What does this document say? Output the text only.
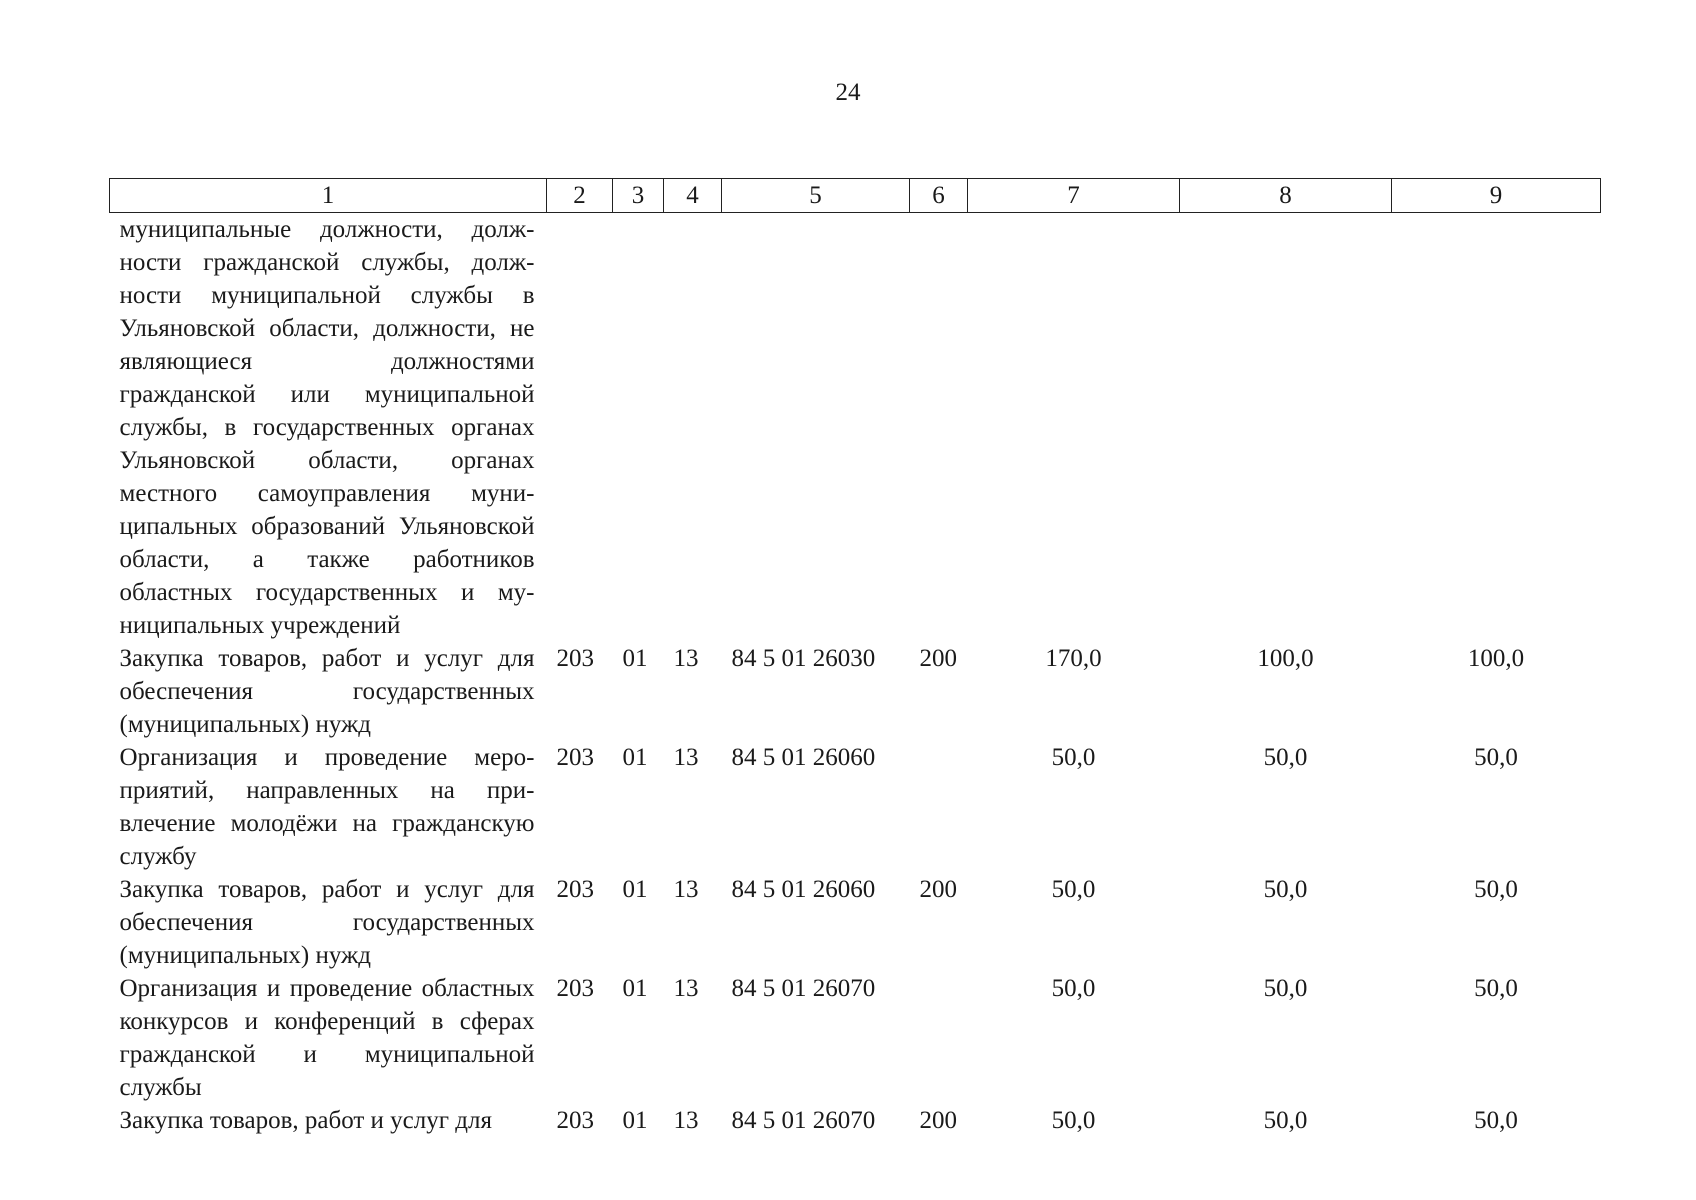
24
1	2	3	4	5	6	7	8	9
муниципальные должности, должности гражданской службы, должности муниципальной службы в Ульяновской области, должности, не являющиеся должностями гражданской или муниципальной службы, в государственных органах Ульяновской области, органах местного самоуправления муниципальных образований Ульяновской области, а также работников областных государственных и муниципальных учреждений								
Закупка товаров, работ и услуг для обеспечения государственных (муниципальных) нужд	203	01	13	84 5 01 26030	200	170,0	100,0	100,0
Организация и проведение мероприятий, направленных на привлечение молодёжи на гражданскую службу	203	01	13	84 5 01 26060		50,0	50,0	50,0
Закупка товаров, работ и услуг для обеспечения государственных (муниципальных) нужд	203	01	13	84 5 01 26060	200	50,0	50,0	50,0
Организация и проведение областных конкурсов и конференций в сферах гражданской и муниципальной службы	203	01	13	84 5 01 26070		50,0	50,0	50,0
Закупка товаров, работ и услуг для	203	01	13	84 5 01 26070	200	50,0	50,0	50,0
